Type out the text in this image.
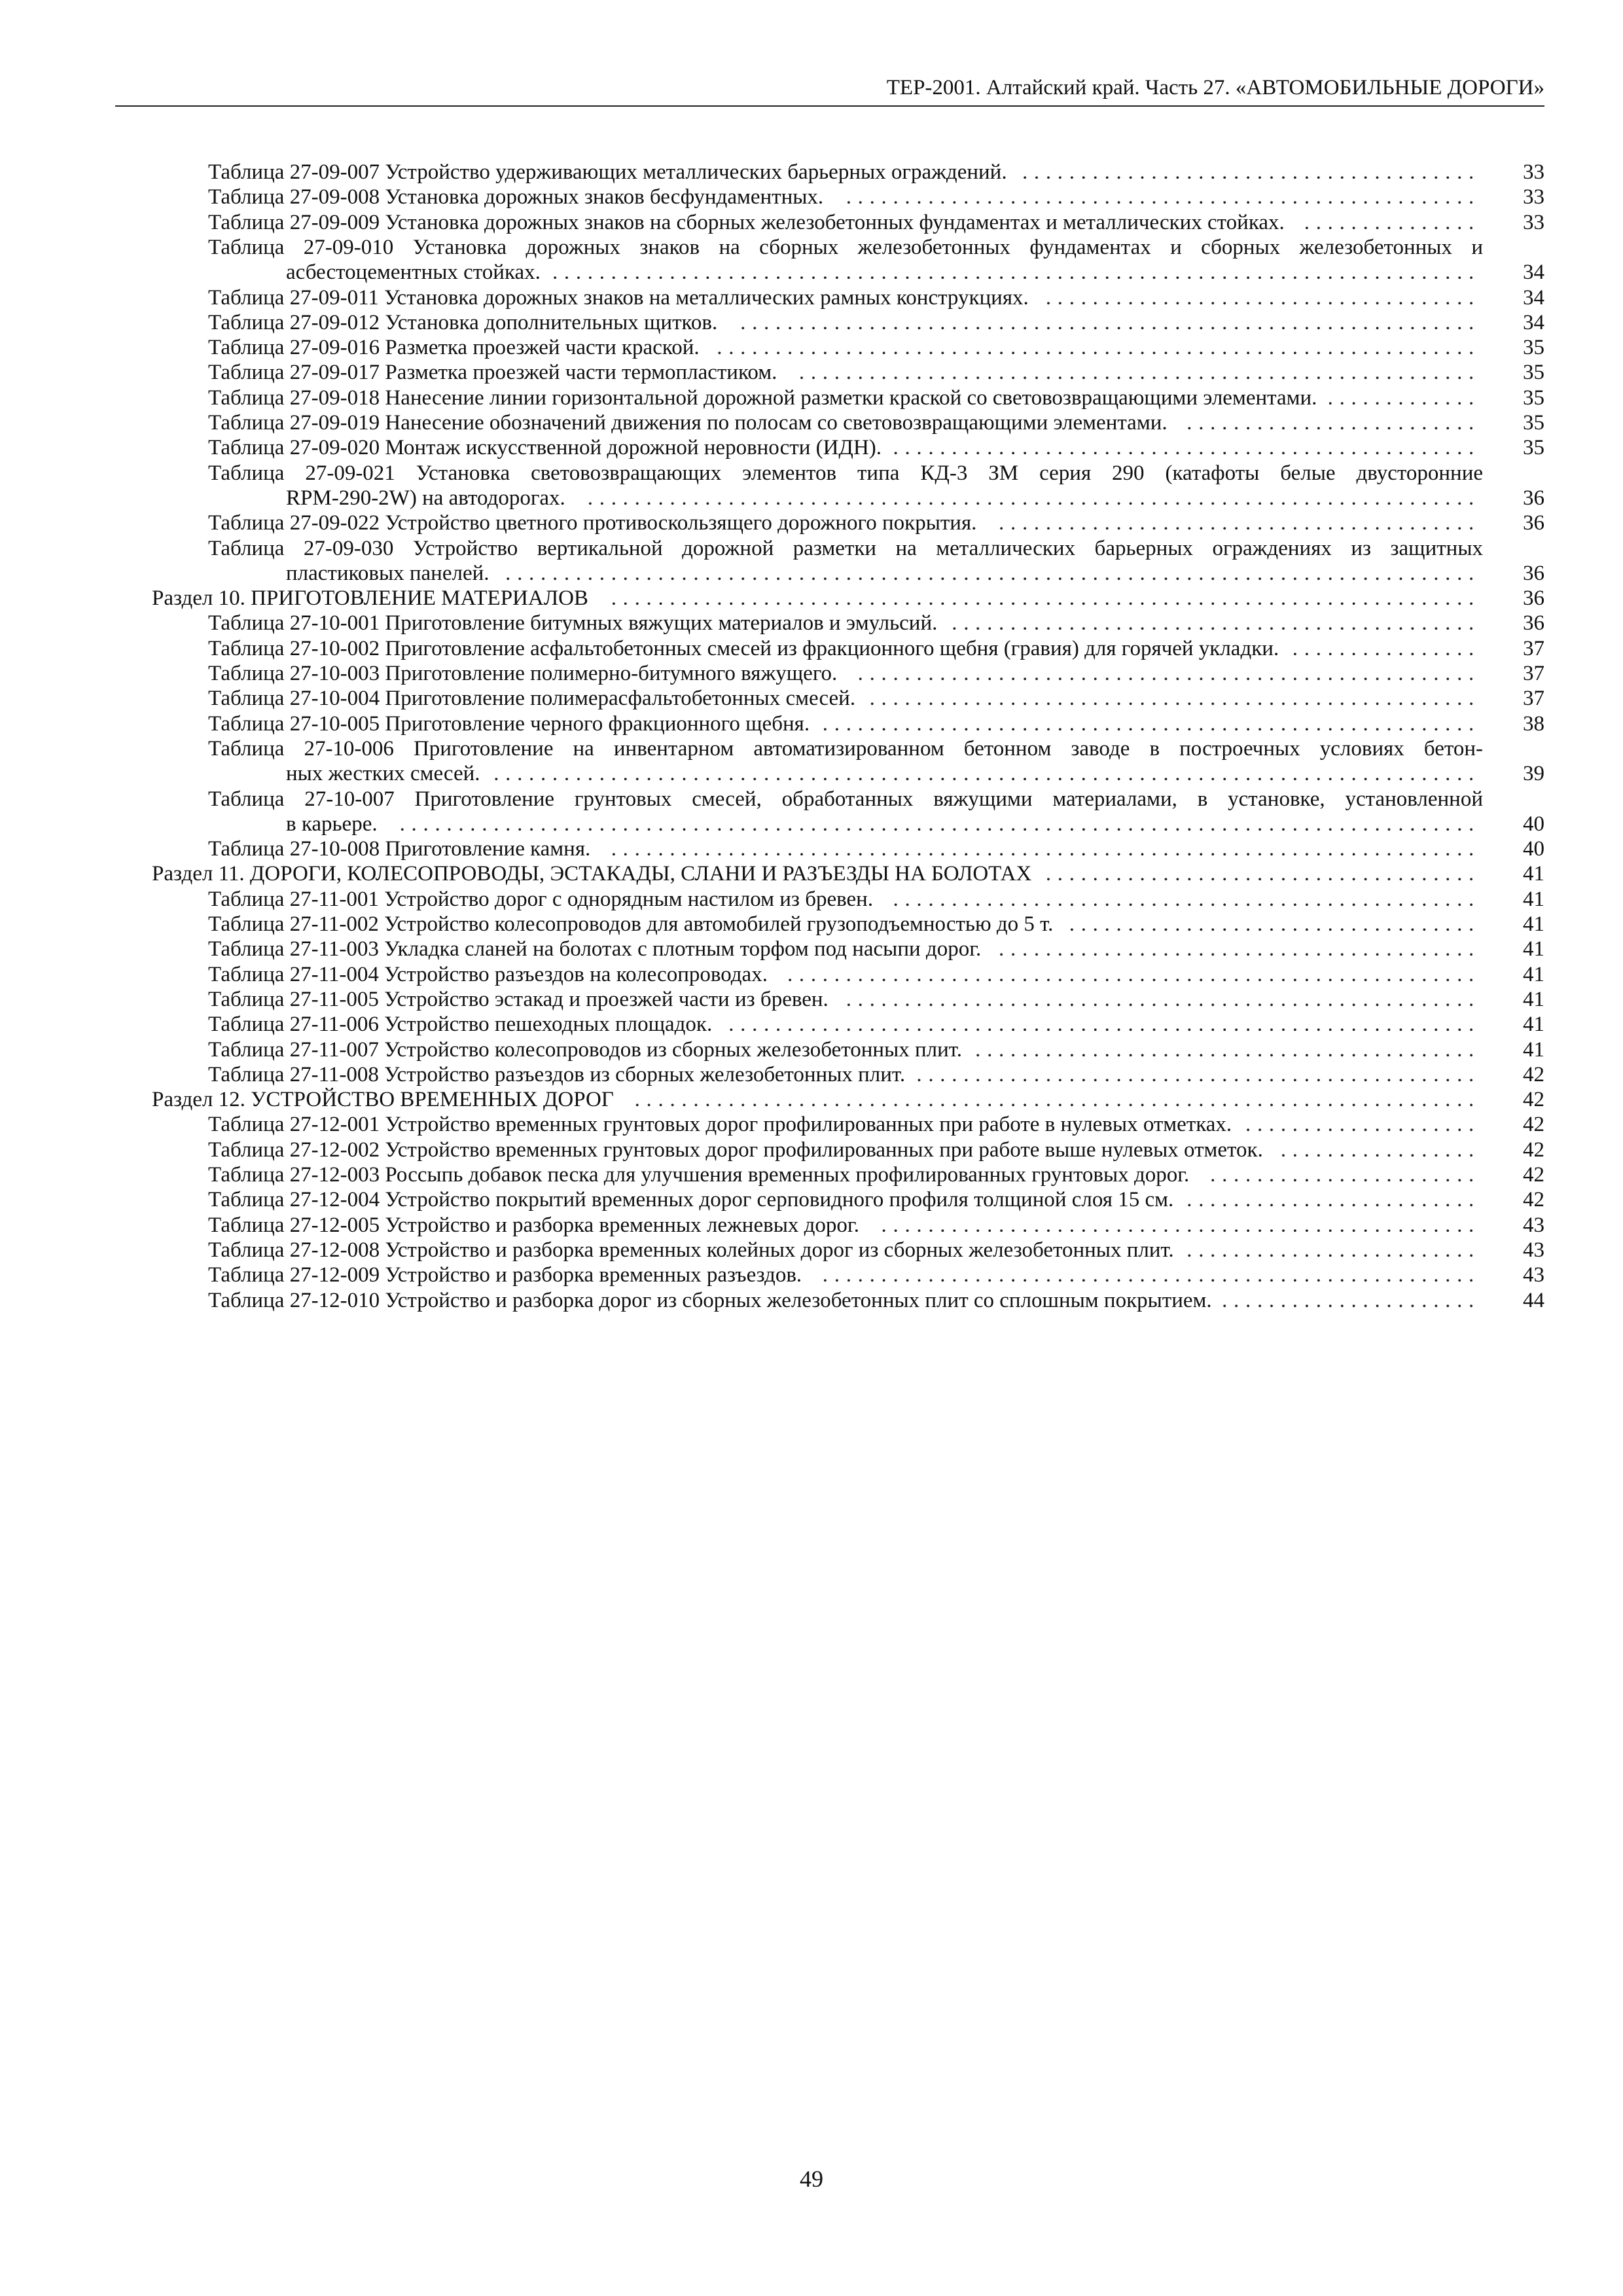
ТЕР-2001. Алтайский край. Часть 27. «АВТОМОБИЛЬНЫЕ ДОРОГИ»
Таблица 27-09-007 Устройство удерживающих металлических барьерных ограждений.	33
.......................................
Таблица 27-09-008 Установка дорожных знаков бесфундаментных.	33
......................................................
Таблица 27-09-009 Установка дорожных знаков на сборных железобетонных фундаментах и металлических стойках.	33
...............
Таблица 27-09-010 Установка дорожных знаков на сборных железобетонных фундаментах и сборных железобетонных и
асбестоцементных стойках.	34
...............................................................................
Таблица 27-09-011 Установка дорожных знаков на металлических рамных конструкциях.	34
.....................................
Таблица 27-09-012 Установка дополнительных щитков.	34
...............................................................
Таблица 27-09-016 Разметка проезжей части краской.	35
.................................................................
Таблица 27-09-017 Разметка проезжей части термопластиком.	35
..........................................................
Таблица 27-09-018 Нанесение линии горизонтальной дорожной разметки краской со световозвращающими элементами.	35
.............
Таблица 27-09-019 Нанесение обозначений движения по полосам со световозвращающими элементами.	35
.........................
Таблица 27-09-020 Монтаж искусственной дорожной неровности (ИДН).	35
..................................................
Таблица 27-09-021 Установка световозвращающих элементов типа КД-3 ЗМ серия 290 (катафоты белые двусторонние
RPM-290-2W) на автодорогах.	36
............................................................................
Таблица 27-09-022 Устройство цветного противоскользящего дорожного покрытия.	36
.........................................
Таблица 27-09-030 Устройство вертикальной дорожной разметки на металлических барьерных ограждениях из защитных
пластиковых панелей.	36
...................................................................................
Раздел 10. ПРИГОТОВЛЕНИЕ МАТЕРИАЛОВ	36
..........................................................................
Таблица 27-10-001 Приготовление битумных вяжущих материалов и эмульсий.	36
.............................................
Таблица 27-10-002 Приготовление асфальтобетонных смесей из фракционного щебня (гравия) для горячей укладки.	37
................
Таблица 27-10-003 Приготовление полимерно-битумного вяжущего.	37
.....................................................
Таблица 27-10-004 Приготовление полимерасфальтобетонных смесей.	37
....................................................
Таблица 27-10-005 Приготовление черного фракционного щебня.	38
........................................................
Таблица 27-10-006 Приготовление на инвентарном автоматизированном бетонном заводе в построечных условиях бетон-
ных жестких смесей.	39
....................................................................................
Таблица 27-10-007 Приготовление грунтовых смесей, обработанных вяжущими материалами, в установке, установленной
в карьере.	40
............................................................................................
Таблица 27-10-008 Приготовление камня.	40
..........................................................................
Раздел 11. ДОРОГИ, КОЛЕСОПРОВОДЫ, ЭСТАКАДЫ, СЛАНИ И РАЗЪЕЗДЫ НА БОЛОТАХ	41
.....................................
Таблица 27-11-001 Устройство дорог с однорядным настилом из бревен.	41
..................................................
Таблица 27-11-002 Устройство колесопроводов для автомобилей грузоподъемностью до 5 т.	41
...................................
Таблица 27-11-003 Укладка сланей на болотах с плотным торфом под насыпи дорог.	41
.........................................
Таблица 27-11-004 Устройство разъездов на колесопроводах.	41
...........................................................
Таблица 27-11-005 Устройство эстакад и проезжей части из бревен.	41
......................................................
Таблица 27-11-006 Устройство пешеходных площадок.	41
................................................................
Таблица 27-11-007 Устройство колесопроводов из сборных железобетонных плит.	41
...........................................
Таблица 27-11-008 Устройство разъездов из сборных железобетонных плит.	42
................................................
Раздел 12. УСТРОЙСТВО ВРЕМЕННЫХ ДОРОГ	42
........................................................................
Таблица 27-12-001 Устройство временных грунтовых дорог профилированных при работе в нулевых отметках.	42
....................
Таблица 27-12-002 Устройство временных грунтовых дорог профилированных при работе выше нулевых отметок.	42
.................
Таблица 27-12-003 Россыпь добавок песка для улучшения временных профилированных грунтовых дорог.	42
.......................
Таблица 27-12-004 Устройство покрытий временных дорог серповидного профиля толщиной слоя 15 см.	42
.........................
Таблица 27-12-005 Устройство и разборка временных лежневых дорог.	43
...................................................
Таблица 27-12-008 Устройство и разборка временных колейных дорог из сборных железобетонных плит.	43
.........................
Таблица 27-12-009 Устройство и разборка временных разъездов.	43
........................................................
Таблица 27-12-010 Устройство и разборка дорог из сборных железобетонных плит со сплошным покрытием.	44
......................
49
